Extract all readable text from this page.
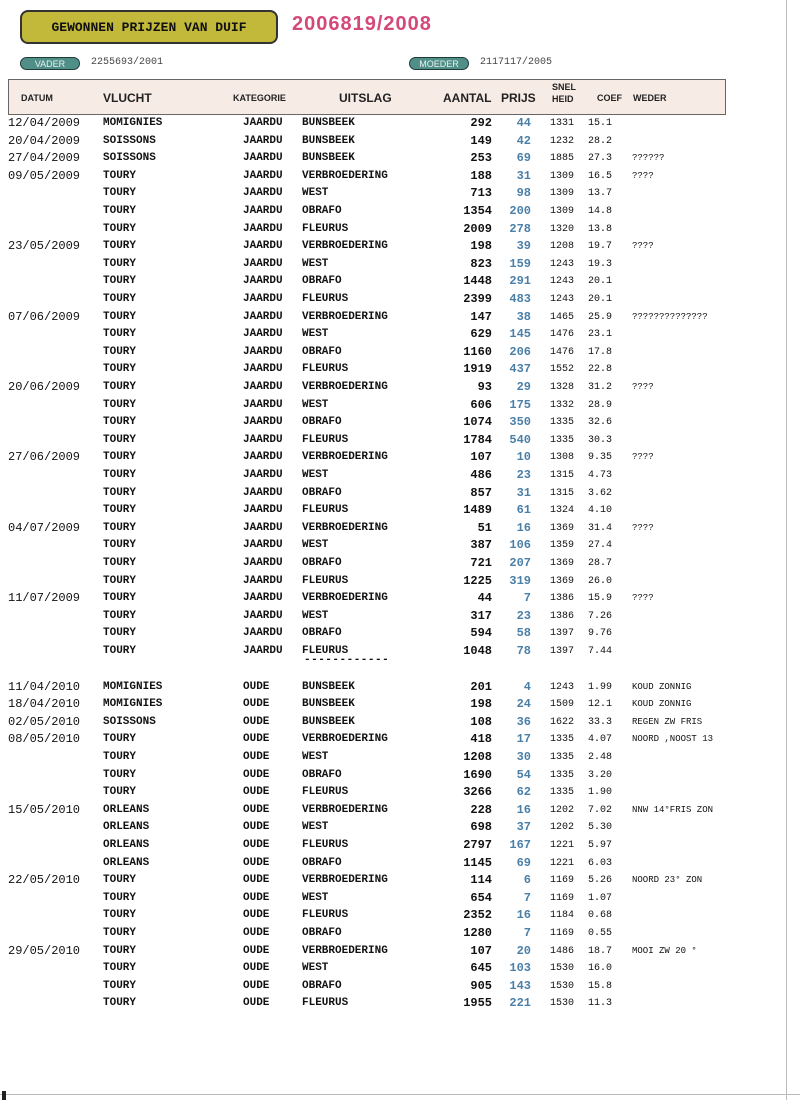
GEWONNEN PRIJZEN VAN DUIF 2006819/2008
VADER	2255693/2001	MOEDER 2117117/2005
DATUM	VLUCHT	KATEGORIE	UITSLAG	AANTAL PRIJS
SNEL
HEID	COEF WEDER
12/04/2009 MOMIGNIES	JAARDU BUNSBEEK	292	44 1331 15.1
20/04/2009 SOISSONS	JAARDU BUNSBEEK	149	42 1232 28.2
27/04/2009 SOISSONS	JAARDU BUNSBEEK	253	69 1885 27.3 ??????
09/05/2009 TOURY	JAARDU VERBROEDERING	188	31 1309 16.5 ????
TOURY	JAARDU WEST	713	98 1309 13.7
TOURY	JAARDU OBRAFO	1354	200 1309 14.8
TOURY	JAARDU FLEURUS	2009	278 1320 13.8
23/05/2009 TOURY	JAARDU VERBROEDERING	198	39 1208 19.7 ????
TOURY	JAARDU WEST	823	159 1243 19.3
TOURY	JAARDU OBRAFO	1448	291 1243 20.1
TOURY	JAARDU FLEURUS	2399	483 1243 20.1
07/06/2009 TOURY	JAARDU VERBROEDERING	147	38 1465 25.9 ??????????????
TOURY	JAARDU WEST	629	145 1476 23.1
TOURY	JAARDU OBRAFO	1160	206 1476 17.8
TOURY	JAARDU FLEURUS	1919	437 1552 22.8
20/06/2009 TOURY	JAARDU VERBROEDERING	93	29 1328 31.2 ????
TOURY	JAARDU WEST	606	175 1332 28.9
TOURY	JAARDU OBRAFO	1074	350 1335 32.6
TOURY	JAARDU FLEURUS	1784	540 1335 30.3
27/06/2009 TOURY	JAARDU VERBROEDERING	107	10 1308 9.35 ????
TOURY	JAARDU WEST	486	23 1315 4.73
TOURY	JAARDU OBRAFO	857	31 1315 3.62
TOURY	JAARDU FLEURUS	1489	61 1324 4.10
04/07/2009 TOURY	JAARDU VERBROEDERING	51	16 1369 31.4 ????
TOURY	JAARDU WEST	387	106 1359 27.4
TOURY	JAARDU OBRAFO	721	207 1369 28.7
TOURY	JAARDU FLEURUS	1225	319 1369 26.0
11/07/2009 TOURY	JAARDU VERBROEDERING	44	7 1386 15.9 ????
TOURY	JAARDU WEST	317	23 1386 7.26
TOURY	JAARDU OBRAFO	594	58 1397 9.76
TOURY	JAARDU FLEURUS	1048	78 1397 7.44
11/04/2010 MOMIGNIES	OUDE	BUNSBEEK	201	4 1243 1.99 KOUD ZONNIG
18/04/2010 MOMIGNIES	OUDE	BUNSBEEK	198	24 1509 12.1 KOUD ZONNIG
02/05/2010 SOISSONS	OUDE	BUNSBEEK	108	36 1622 33.3 REGEN ZW FRIS
08/05/2010 TOURY	OUDE	VERBROEDERING	418	17 1335 4.07 NOORD ,NOOST 13
TOURY	OUDE	WEST	1208	30 1335 2.48
TOURY	OUDE	OBRAFO	1690	54 1335 3.20
TOURY	OUDE	FLEURUS	3266	62 1335 1.90
15/05/2010 ORLEANS	OUDE	VERBROEDERING	228	16 1202 7.02 NNW 14°FRIS ZON
ORLEANS	OUDE	WEST	698	37 1202 5.30
ORLEANS	OUDE	FLEURUS	2797	167 1221 5.97
ORLEANS	OUDE	OBRAFO	1145	69 1221 6.03
22/05/2010 TOURY	OUDE	VERBROEDERING	114	6 1169 5.26 NOORD 23° ZON
TOURY	OUDE	WEST	654	7 1169 1.07
TOURY	OUDE	FLEURUS	2352	16 1184 0.68
TOURY	OUDE	OBRAFO	1280	7 1169 0.55
29/05/2010 TOURY	OUDE	VERBROEDERING	107	20 1486 18.7 MOOI ZW 20 °
TOURY	OUDE	WEST	645	103 1530 16.0
TOURY	OUDE	OBRAFO	905	143 1530 15.8
TOURY	OUDE	FLEURUS	1955	221 1530 11.3
------------
